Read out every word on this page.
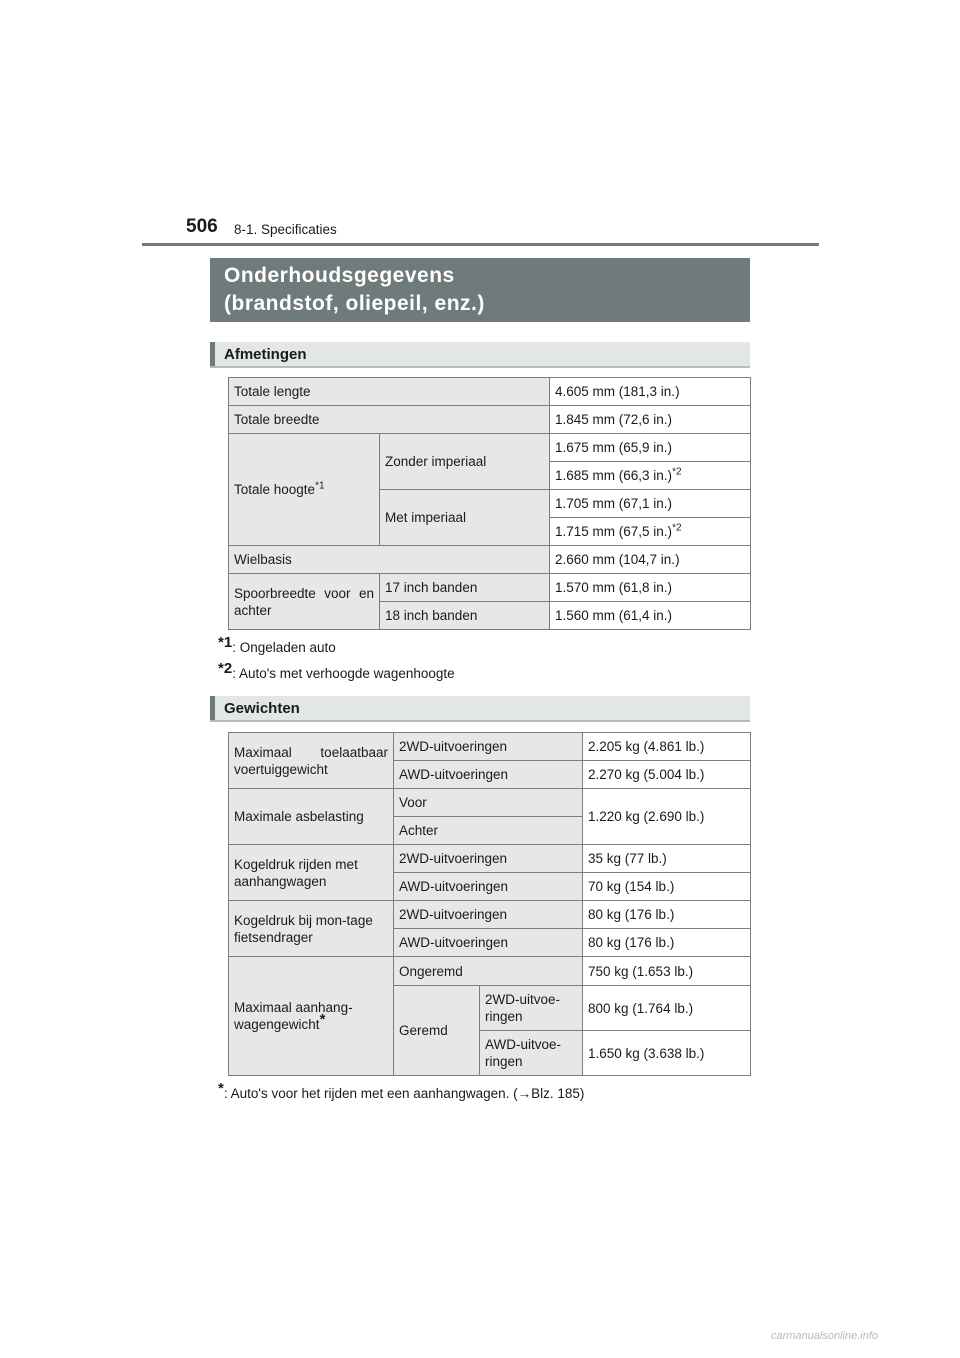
506 8-1. Specificaties
Onderhoudsgegevens
(brandstof, oliepeil, enz.)
Afmetingen
Totale lengte		4.605 mm (181,3 in.)
Totale breedte		1.845 mm (72,6 in.)
Totale hoogte$^{*1}$	Zonder imperiaal	1.675 mm (65,9 in.)
		1.685 mm (66,3 in.)$^{*2}$
	Met imperiaal	1.705 mm (67,1 in.)
		1.715 mm (67,5 in.)$^{*2}$
Wielbasis		2.660 mm (104,7 in.)
Spoorbreedte voor en achter	17 inch banden	1.570 mm (61,8 in.)
	18 inch banden	1.560 mm (61,4 in.)
*1: Ongeladen auto
*2: Auto's met verhoogde wagenhoogte
Gewichten
Maximaal toelaatbaar voertuiggewicht	2WD-uitvoeringen		2.205 kg (4.861 lb.)
	AWD-uitvoeringen		2.270 kg (5.004 lb.)
Maximale asbelasting	Voor		1.220 kg (2.690 lb.)
	Achter		
Kogeldruk rijden met aanhangwagen	2WD-uitvoeringen		35 kg (77 lb.)
	AWD-uitvoeringen		70 kg (154 lb.)
Kogeldruk bij mon-tage fietsendrager	2WD-uitvoeringen		80 kg (176 lb.)
	AWD-uitvoeringen		80 kg (176 lb.)
Maximaal aanhang-wagengewicht*	Ongeremd		750 kg (1.653 lb.)
	Geremd	2WD-uitvoe-ringen	800 kg (1.764 lb.)
		AWD-uitvoe-ringen	1.650 kg (3.638 lb.)
*: Auto's voor het rijden met een aanhangwagen. (→Blz. 185)
carmanualsonline.info
